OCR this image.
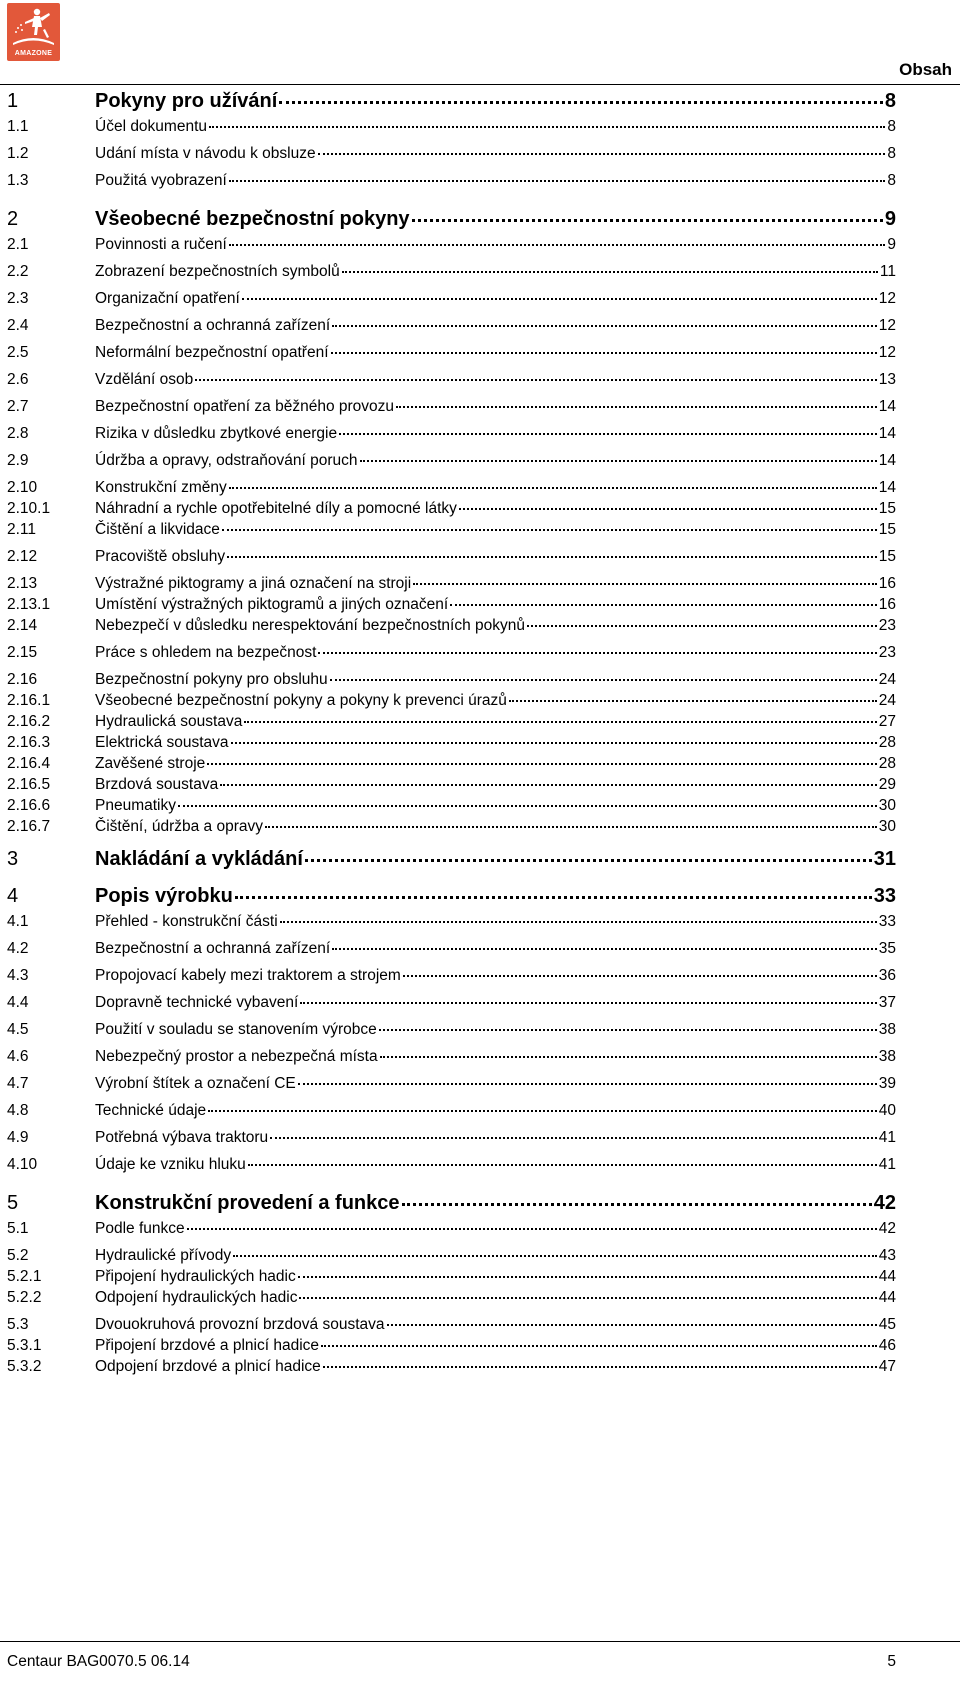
AMAZONE
Obsah
1	Pokyny pro užívání	8
1.1	Účel dokumentu	8
1.2	Udání místa v návodu k obsluze	8
1.3	Použitá vyobrazení	8
2	Všeobecné bezpečnostní pokyny	9
2.1	Povinnosti a ručení	9
2.2	Zobrazení bezpečnostních symbolů	11
2.3	Organizační opatření	12
2.4	Bezpečnostní a ochranná zařízení	12
2.5	Neformální bezpečnostní opatření	12
2.6	Vzdělání osob	13
2.7	Bezpečnostní opatření za běžného provozu	14
2.8	Rizika v důsledku zbytkové energie	14
2.9	Údržba a opravy, odstraňování poruch	14
2.10	Konstrukční změny	14
2.10.1	Náhradní a rychle opotřebitelné díly a pomocné látky	15
2.11	Čištění a likvidace	15
2.12	Pracoviště obsluhy	15
2.13	Výstražné piktogramy a jiná označení na stroji	16
2.13.1	Umístění výstražných piktogramů a jiných označení	16
2.14	Nebezpečí v důsledku nerespektování bezpečnostních pokynů	23
2.15	Práce s ohledem na bezpečnost	23
2.16	Bezpečnostní pokyny pro obsluhu	24
2.16.1	Všeobecné bezpečnostní pokyny a pokyny k prevenci úrazů	24
2.16.2	Hydraulická soustava	27
2.16.3	Elektrická soustava	28
2.16.4	Zavěšené stroje	28
2.16.5	Brzdová soustava	29
2.16.6	Pneumatiky	30
2.16.7	Čištění, údržba a opravy	30
3	Nakládání a vykládání	31
4	Popis výrobku	33
4.1	Přehled - konstrukční části	33
4.2	Bezpečnostní a ochranná zařízení	35
4.3	Propojovací kabely mezi traktorem a strojem	36
4.4	Dopravně technické vybavení	37
4.5	Použití v souladu se stanovením výrobce	38
4.6	Nebezpečný prostor a nebezpečná místa	38
4.7	Výrobní štítek a označení CE	39
4.8	Technické údaje	40
4.9	Potřebná výbava traktoru	41
4.10	Údaje ke vzniku hluku	41
5	Konstrukční provedení a funkce	42
5.1	Podle funkce	42
5.2	Hydraulické přívody	43
5.2.1	Připojení hydraulických hadic	44
5.2.2	Odpojení hydraulických hadic	44
5.3	Dvouokruhová provozní brzdová soustava	45
5.3.1	Připojení brzdové a plnicí hadice	46
5.3.2	Odpojení brzdové a plnicí hadice	47
Centaur BAG0070.5 06.14	5
